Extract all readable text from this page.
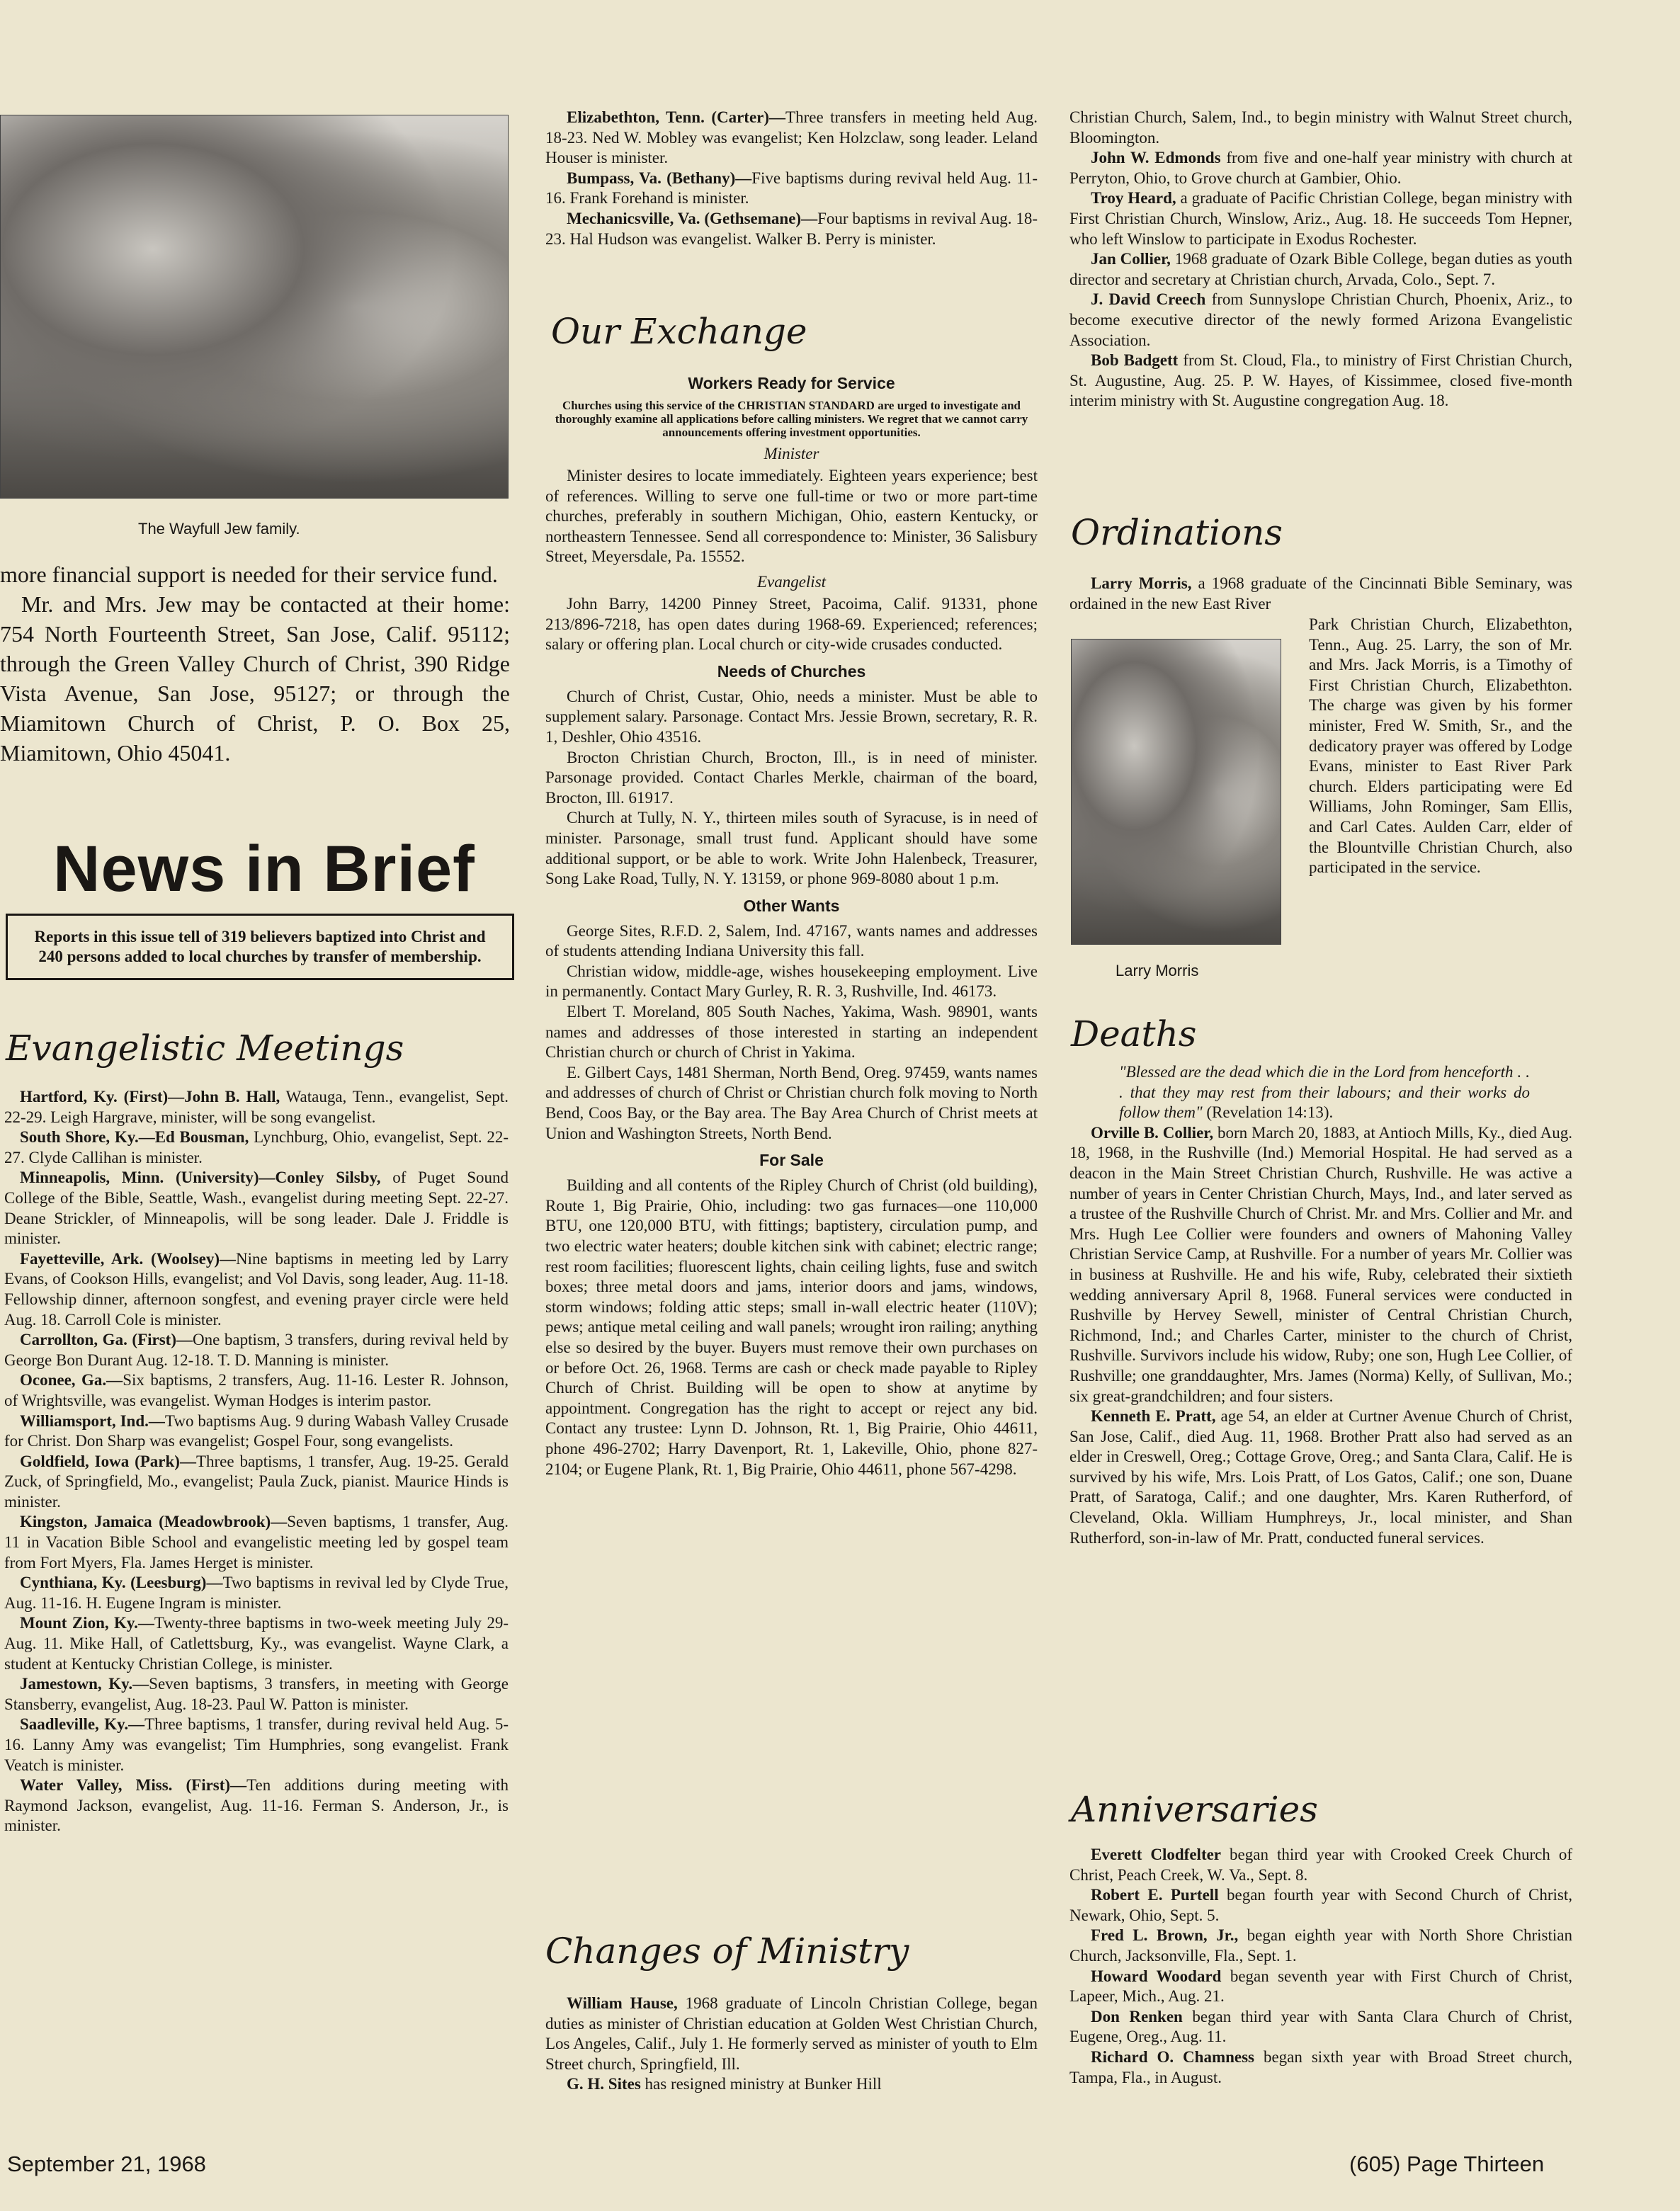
The Wayfull Jew family.

more financial support is needed for their service fund.

Mr. and Mrs. Jew may be contacted at their home: 754 North Fourteenth Street, San Jose, Calif. 95112; through the Green Valley Church of Christ, 390 Ridge Vista Avenue, San Jose, 95127; or through the Miamitown Church of Christ, P. O. Box 25, Miamitown, Ohio 45041.

News in Brief
Reports in this issue tell of 319 believers baptized into Christ and 240 persons added to local churches by transfer of membership.
Evangelistic Meetings

Hartford, Ky. (First)—John B. Hall, Watauga, Tenn., evangelist, Sept. 22-29. Leigh Hargrave, minister, will be song evangelist.

South Shore, Ky.—Ed Bousman, Lynchburg, Ohio, evangelist, Sept. 22-27. Clyde Callihan is minister.

Minneapolis, Minn. (University)—Conley Silsby, of Puget Sound College of the Bible, Seattle, Wash., evangelist during meeting Sept. 22-27. Deane Strickler, of Minneapolis, will be song leader. Dale J. Friddle is minister.

Fayetteville, Ark. (Woolsey)—Nine baptisms in meeting led by Larry Evans, of Cookson Hills, evangelist; and Vol Davis, song leader, Aug. 11-18. Fellowship dinner, afternoon songfest, and evening prayer circle were held Aug. 18. Carroll Cole is minister.

Carrollton, Ga. (First)—One baptism, 3 transfers, during revival held by George Bon Durant Aug. 12-18. T. D. Manning is minister.

Oconee, Ga.—Six baptisms, 2 transfers, Aug. 11-16. Lester R. Johnson, of Wrightsville, was evangelist. Wyman Hodges is interim pastor.

Williamsport, Ind.—Two baptisms Aug. 9 during Wabash Valley Crusade for Christ. Don Sharp was evangelist; Gospel Four, song evangelists.

Goldfield, Iowa (Park)—Three baptisms, 1 transfer, Aug. 19-25. Gerald Zuck, of Springfield, Mo., evangelist; Paula Zuck, pianist. Maurice Hinds is minister.

Kingston, Jamaica (Meadowbrook)—Seven baptisms, 1 transfer, Aug. 11 in Vacation Bible School and evangelistic meeting led by gospel team from Fort Myers, Fla. James Herget is minister.

Cynthiana, Ky. (Leesburg)—Two baptisms in revival led by Clyde True, Aug. 11-16. H. Eugene Ingram is minister.

Mount Zion, Ky.—Twenty-three baptisms in two-week meeting July 29-Aug. 11. Mike Hall, of Catlettsburg, Ky., was evangelist. Wayne Clark, a student at Kentucky Christian College, is minister.

Jamestown, Ky.—Seven baptisms, 3 transfers, in meeting with George Stansberry, evangelist, Aug. 18-23. Paul W. Patton is minister.

Saadleville, Ky.—Three baptisms, 1 transfer, during revival held Aug. 5-16. Lanny Amy was evangelist; Tim Humphries, song evangelist. Frank Veatch is minister.

Water Valley, Miss. (First)—Ten additions during meeting with Raymond Jackson, evangelist, Aug. 11-16. Ferman S. Anderson, Jr., is minister.

Elizabethton, Tenn. (Carter)—Three transfers in meeting held Aug. 18-23. Ned W. Mobley was evangelist; Ken Holzclaw, song leader. Leland Houser is minister.

Bumpass, Va. (Bethany)—Five baptisms during revival held Aug. 11-16. Frank Forehand is minister.

Mechanicsville, Va. (Gethsemane)—Four baptisms in revival Aug. 18-23. Hal Hudson was evangelist. Walker B. Perry is minister.

Our Exchange
Workers Ready for Service

Churches using this service of the CHRISTIAN STANDARD are urged to investigate and thoroughly examine all applications before calling ministers. We regret that we cannot carry announcements offering investment opportunities.

Minister

Minister desires to locate immediately. Eighteen years experience; best of references. Willing to serve one full-time or two or more part-time churches, preferably in southern Michigan, Ohio, eastern Kentucky, or northeastern Tennessee. Send all correspondence to: Minister, 36 Salisbury Street, Meyersdale, Pa. 15552.

Evangelist

John Barry, 14200 Pinney Street, Pacoima, Calif. 91331, phone 213/896-7218, has open dates during 1968-69. Experienced; references; salary or offering plan. Local church or city-wide crusades conducted.

Needs of Churches

Church of Christ, Custar, Ohio, needs a minister. Must be able to supplement salary. Parsonage. Contact Mrs. Jessie Brown, secretary, R. R. 1, Deshler, Ohio 43516.

Brocton Christian Church, Brocton, Ill., is in need of minister. Parsonage provided. Contact Charles Merkle, chairman of the board, Brocton, Ill. 61917.

Church at Tully, N. Y., thirteen miles south of Syracuse, is in need of minister. Parsonage, small trust fund. Applicant should have some additional support, or be able to work. Write John Halenbeck, Treasurer, Song Lake Road, Tully, N. Y. 13159, or phone 969-8080 about 1 p.m.

Other Wants

George Sites, R.F.D. 2, Salem, Ind. 47167, wants names and addresses of students attending Indiana University this fall.

Christian widow, middle-age, wishes housekeeping employment. Live in permanently. Contact Mary Gurley, R. R. 3, Rushville, Ind. 46173.

Elbert T. Moreland, 805 South Naches, Yakima, Wash. 98901, wants names and addresses of those interested in starting an independent Christian church or church of Christ in Yakima.

E. Gilbert Cays, 1481 Sherman, North Bend, Oreg. 97459, wants names and addresses of church of Christ or Christian church folk moving to North Bend, Coos Bay, or the Bay area. The Bay Area Church of Christ meets at Union and Washington Streets, North Bend.

For Sale

Building and all contents of the Ripley Church of Christ (old building), Route 1, Big Prairie, Ohio, including: two gas furnaces—one 110,000 BTU, one 120,000 BTU, with fittings; baptistery, circulation pump, and two electric water heaters; double kitchen sink with cabinet; electric range; rest room facilities; fluorescent lights, chain ceiling lights, fuse and switch boxes; three metal doors and jams, interior doors and jams, windows, storm windows; folding attic steps; small in-wall electric heater (110V); pews; antique metal ceiling and wall panels; wrought iron railing; anything else so desired by the buyer. Buyers must remove their own purchases on or before Oct. 26, 1968. Terms are cash or check made payable to Ripley Church of Christ. Building will be open to show at anytime by appointment. Congregation has the right to accept or reject any bid. Contact any trustee: Lynn D. Johnson, Rt. 1, Big Prairie, Ohio 44611, phone 496-2702; Harry Davenport, Rt. 1, Lakeville, Ohio, phone 827-2104; or Eugene Plank, Rt. 1, Big Prairie, Ohio 44611, phone 567-4298.

Changes of Ministry

William Hause, 1968 graduate of Lincoln Christian College, began duties as minister of Christian education at Golden West Christian Church, Los Angeles, Calif., July 1. He formerly served as minister of youth to Elm Street church, Springfield, Ill.

G. H. Sites has resigned ministry at Bunker Hill

Christian Church, Salem, Ind., to begin ministry with Walnut Street church, Bloomington.

John W. Edmonds from five and one-half year ministry with church at Perryton, Ohio, to Grove church at Gambier, Ohio.

Troy Heard, a graduate of Pacific Christian College, began ministry with First Christian Church, Winslow, Ariz., Aug. 18. He succeeds Tom Hepner, who left Winslow to participate in Exodus Rochester.

Jan Collier, 1968 graduate of Ozark Bible College, began duties as youth director and secretary at Christian church, Arvada, Colo., Sept. 7.

J. David Creech from Sunnyslope Christian Church, Phoenix, Ariz., to become executive director of the newly formed Arizona Evangelistic Association.

Bob Badgett from St. Cloud, Fla., to ministry of First Christian Church, St. Augustine, Aug. 25. P. W. Hayes, of Kissimmee, closed five-month interim ministry with St. Augustine congregation Aug. 18.

Ordinations

Larry Morris, a 1968 graduate of the Cincinnati Bible Seminary, was ordained in the new East River

Larry Morris

Park Christian Church, Elizabethton, Tenn., Aug. 25. Larry, the son of Mr. and Mrs. Jack Morris, is a Timothy of First Christian Church, Elizabethton. The charge was given by his former minister, Fred W. Smith, Sr., and the dedicatory prayer was offered by Lodge Evans, minister to East River Park church. Elders participating were Ed Williams, John Rominger, Sam Ellis, and Carl Cates. Aulden Carr, elder of the Blountville Christian Church, also participated in the service.

Deaths

"Blessed are the dead which die in the Lord from henceforth . . . that they may rest from their labours; and their works do follow them" (Revelation 14:13).

Orville B. Collier, born March 20, 1883, at Antioch Mills, Ky., died Aug. 18, 1968, in the Rushville (Ind.) Memorial Hospital. He had served as a deacon in the Main Street Christian Church, Rushville. He was active a number of years in Center Christian Church, Mays, Ind., and later served as a trustee of the Rushville Church of Christ. Mr. and Mrs. Collier and Mr. and Mrs. Hugh Lee Collier were founders and owners of Mahoning Valley Christian Service Camp, at Rushville. For a number of years Mr. Collier was in business at Rushville. He and his wife, Ruby, celebrated their sixtieth wedding anniversary April 8, 1968. Funeral services were conducted in Rushville by Hervey Sewell, minister of Central Christian Church, Richmond, Ind.; and Charles Carter, minister to the church of Christ, Rushville. Survivors include his widow, Ruby; one son, Hugh Lee Collier, of Rushville; one granddaughter, Mrs. James (Norma) Kelly, of Sullivan, Mo.; six great-grandchildren; and four sisters.

Kenneth E. Pratt, age 54, an elder at Curtner Avenue Church of Christ, San Jose, Calif., died Aug. 11, 1968. Brother Pratt also had served as an elder in Creswell, Oreg.; Cottage Grove, Oreg.; and Santa Clara, Calif. He is survived by his wife, Mrs. Lois Pratt, of Los Gatos, Calif.; one son, Duane Pratt, of Saratoga, Calif.; and one daughter, Mrs. Karen Rutherford, of Cleveland, Okla. William Humphreys, Jr., local minister, and Shan Rutherford, son-in-law of Mr. Pratt, conducted funeral services.

Anniversaries

Everett Clodfelter began third year with Crooked Creek Church of Christ, Peach Creek, W. Va., Sept. 8.

Robert E. Purtell began fourth year with Second Church of Christ, Newark, Ohio, Sept. 5.

Fred L. Brown, Jr., began eighth year with North Shore Christian Church, Jacksonville, Fla., Sept. 1.

Howard Woodard began seventh year with First Church of Christ, Lapeer, Mich., Aug. 21.

Don Renken began third year with Santa Clara Church of Christ, Eugene, Oreg., Aug. 11.

Richard O. Chamness began sixth year with Broad Street church, Tampa, Fla., in August.

September 21, 1968	(605) Page Thirteen
